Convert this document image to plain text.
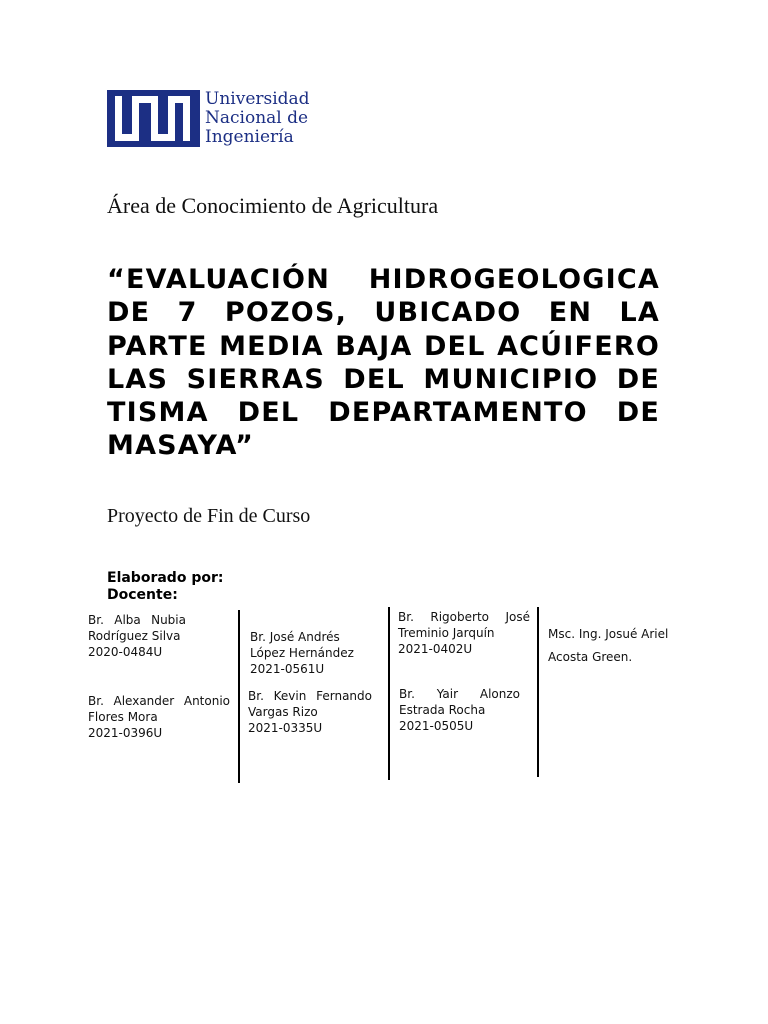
Universidad
Nacional de
Ingeniería
Área de Conocimiento de Agricultura
“EVALUACIÓN HIDROGEOLOGICA DE 7 POZOS, UBICADO EN LA PARTE MEDIA BAJA DEL ACÚIFERO LAS SIERRAS DEL MUNICIPIO DE TISMA DEL DEPARTAMENTO DE MASAYA”
Proyecto de Fin de Curso
Elaborado por:
Docente:
Br. Alba Nubia
Rodríguez Silva
2020-0484U
Br. Alexander Antonio
Flores Mora
2021-0396U
Br. José Andrés
López Hernández
2021-0561U
Br. Kevin Fernando
Vargas Rizo
2021-0335U
Br. Rigoberto José
Treminio Jarquín
2021-0402U
Br. Yair Alonzo
Estrada Rocha
2021-0505U
Msc. Ing. Josué Ariel
Acosta Green.
